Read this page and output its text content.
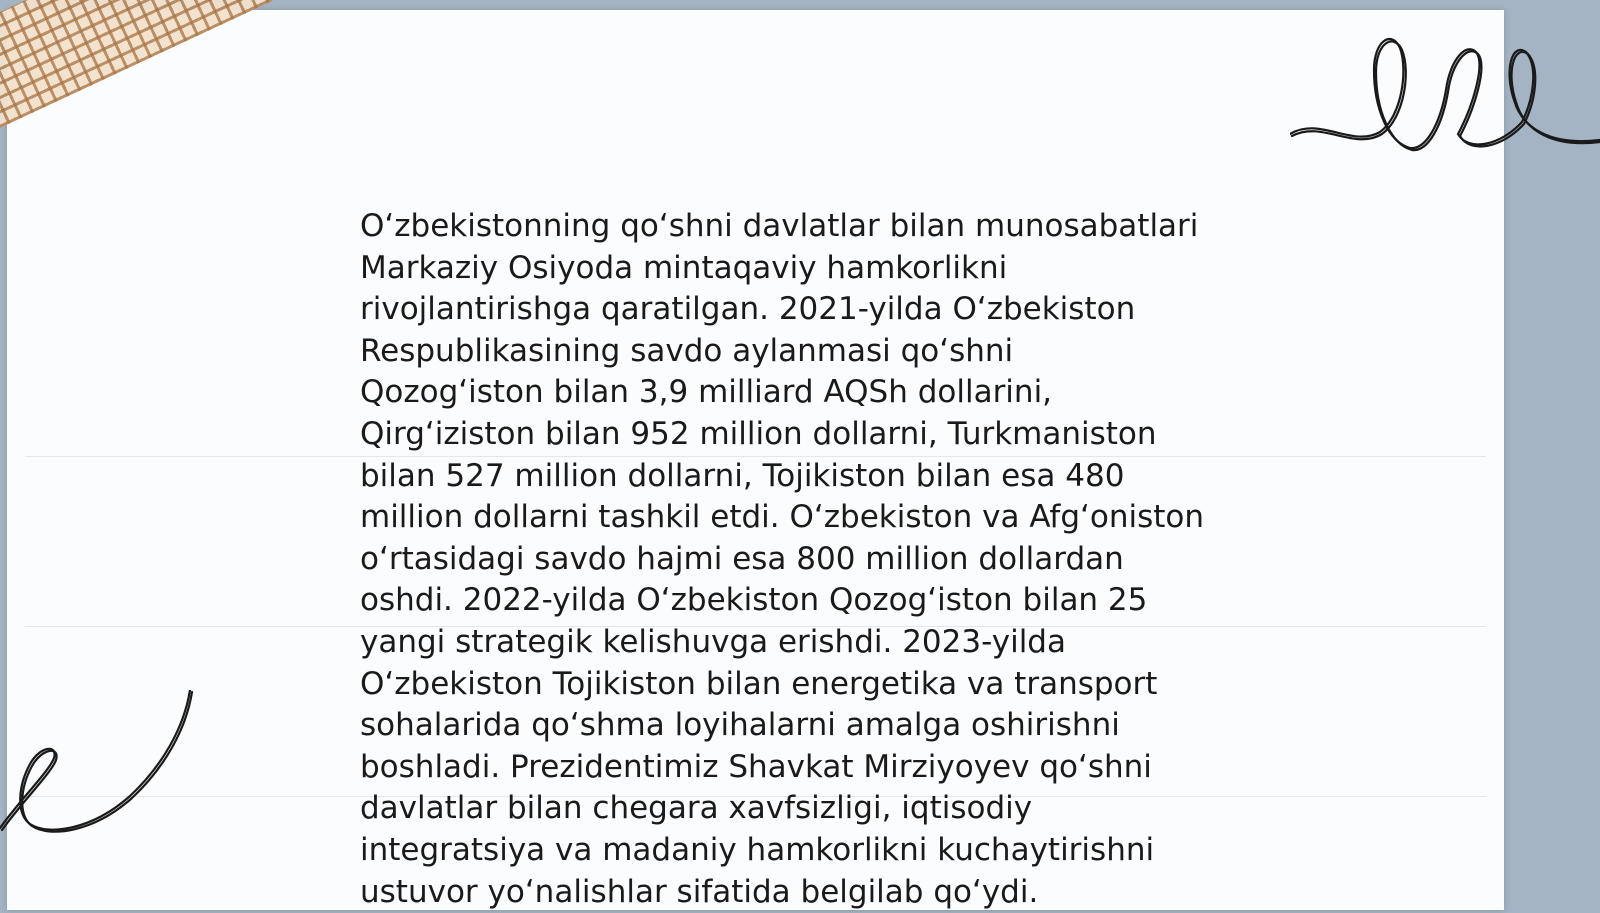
O‘zbekistonning qo‘shni davlatlar bilan munosabatlari
Markaziy Osiyoda mintaqaviy hamkorlikni
rivojlantirishga qaratilgan. 2021-yilda O‘zbekiston
Respublikasining savdo aylanmasi qo‘shni
Qozog‘iston bilan 3,9 milliard AQSh dollarini,
Qirg‘iziston bilan 952 million dollarni, Turkmaniston
bilan 527 million dollarni, Tojikiston bilan esa 480
million dollarni tashkil etdi. O‘zbekiston va Afg‘oniston
o‘rtasidagi savdo hajmi esa 800 million dollardan
oshdi. 2022-yilda O‘zbekiston Qozog‘iston bilan 25
yangi strategik kelishuvga erishdi. 2023-yilda
O‘zbekiston Tojikiston bilan energetika va transport
sohalarida qo‘shma loyihalarni amalga oshirishni
boshladi. Prezidentimiz Shavkat Mirziyoyev qo‘shni
davlatlar bilan chegara xavfsizligi, iqtisodiy
integratsiya va madaniy hamkorlikni kuchaytirishni
ustuvor yo‘nalishlar sifatida belgilab qo‘ydi.
